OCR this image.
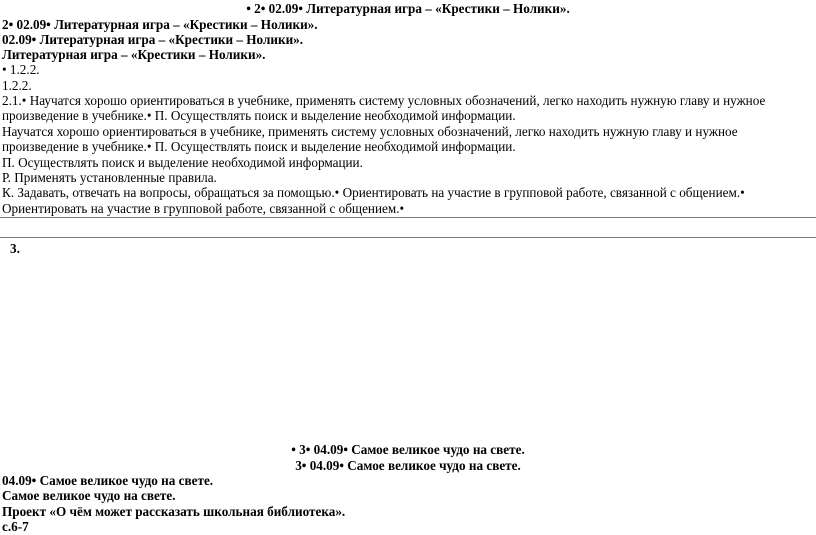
• 2• 02.09• Литературная игра – «Крестики – Нолики».
2• 02.09• Литературная игра – «Крестики – Нолики».
02.09• Литературная игра – «Крестики – Нолики».
Литературная игра – «Крестики – Нолики».
• 1.2.2.
1.2.2.
2.1.• Научатся хорошо ориентироваться в учебнике, применять систему условных обозначений, легко находить нужную главу и нужное
произведение в учебнике.• П. Осуществлять поиск и выделение необходимой информации.
Научатся хорошо ориентироваться в учебнике, применять систему условных обозначений, легко находить нужную главу и нужное
произведение в учебнике.• П. Осуществлять поиск и выделение необходимой информации.
П. Осуществлять поиск и выделение необходимой информации.
Р. Применять установленные правила.
К. Задавать, отвечать на вопросы, обращаться за помощью.• Ориентировать на участие в групповой работе, связанной с общением.•
Ориентировать на участие в групповой работе, связанной с общением.•
3.
• 3• 04.09• Самое великое чудо на свете.
3• 04.09• Самое великое чудо на свете.
04.09• Самое великое чудо на свете.
Самое великое чудо на свете.
Проект «О чём может рассказать школьная библиотека».
с.6-7
